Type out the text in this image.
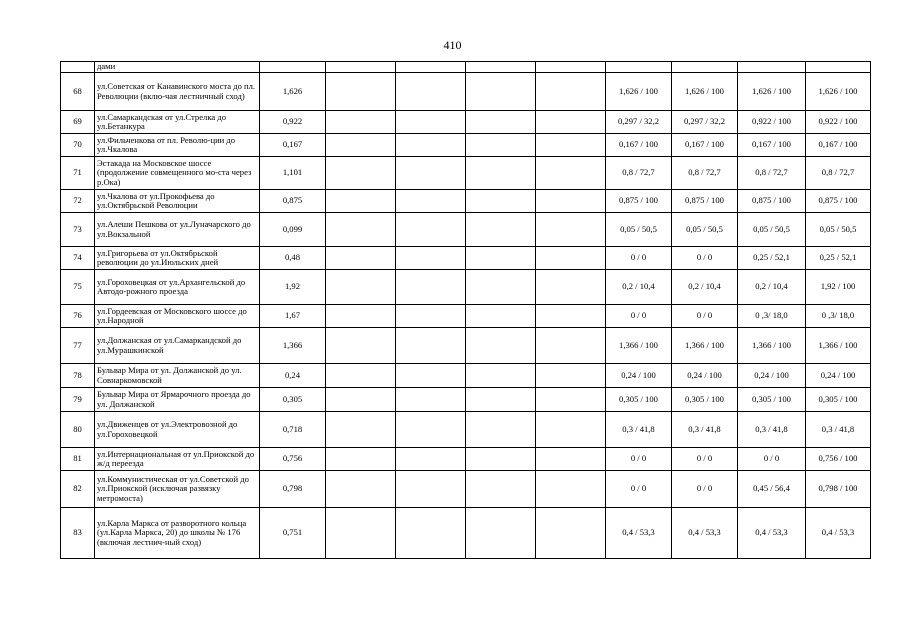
410
	дами									
68	ул.Советская от Канавинского моста до пл. Революции (вклю-чая лестничный сход)	1,626					1,626 / 100	1,626 / 100	1,626 / 100	1,626 / 100
69	ул.Самаркандская от ул.Стрелка до ул.Бетанкура	0,922					0,297 / 32,2	0,297 / 32,2	0,922 / 100	0,922 / 100
70	ул.Фильченкова от пл. Револю-ции до ул.Чкалова	0,167					0,167 / 100	0,167 / 100	0,167 / 100	0,167 / 100
71	Эстакада на Московское шоссе (продолжение совмещенного мо-ста через р.Ока)	1,101					0,8 / 72,7	0,8 / 72,7	0,8 / 72,7	0,8 / 72,7
72	ул.Чкалова от ул.Прокофьева до ул.Октябрьской Революции	0,875					0,875 / 100	0,875 / 100	0,875 / 100	0,875 / 100
73	ул.Алеши Пешкова от ул.Луначарского до ул.Вокзальной	0,099					0,05 / 50,5	0,05 / 50,5	0,05 / 50,5	0,05 / 50,5
74	ул.Григорьева от ул.Октябрьской революции до ул.Июльских дней	0,48					0 / 0	0 / 0	0,25 / 52,1	0,25 / 52,1
75	ул.Гороховецкая от ул.Архангельской до Автодо-рожного проезда	1,92					0,2 / 10,4	0,2 / 10,4	0,2 / 10,4	1,92 / 100
76	ул.Гордеевская от Московского шоссе до ул.Народной	1,67					0 / 0	0 / 0	0 ,3/ 18,0	0 ,3/ 18,0
77	ул.Должанская от ул.Самаркандской до ул.Мурашкинской	1,366					1,366 / 100	1,366 / 100	1,366 / 100	1,366 / 100
78	Бульвар Мира от ул. Должанской до ул. Совнаркомовской	0,24					0,24 / 100	0,24 / 100	0,24 / 100	0,24 / 100
79	Бульвар Мира от Ярмарочного проезда до ул. Должанской	0,305					0,305 / 100	0,305 / 100	0,305 / 100	0,305 / 100
80	ул.Движенцев от ул.Электровозной до ул.Гороховецкой	0,718					0,3 / 41,8	0,3 / 41,8	0,3 / 41,8	0,3 / 41,8
81	ул.Интернациональная от ул.Приокской до ж/д переезда	0,756					0 / 0	0 / 0	0 / 0	0,756 / 100
82	ул.Коммунистическая от ул.Советской до ул.Приокской (исключая развязку метромоста)	0,798					0 / 0	0 / 0	0,45 / 56,4	0,798 / 100
83	ул.Карла Маркса от разворотного кольца (ул.Карла Маркса, 20) до школы № 176 (включая лестнич-ный сход)	0,751					0,4 / 53,3	0,4 / 53,3	0,4 / 53,3	0,4 / 53,3
